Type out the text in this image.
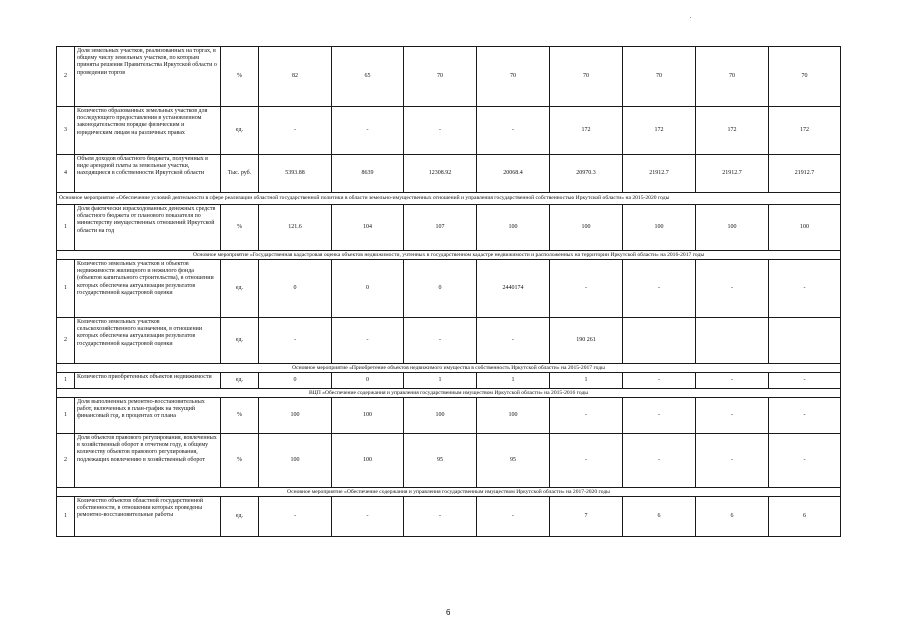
2	Доля земельных участков, реализованных на торгах, в общему числу земельных участков, по которым приняты решения Правительства Иркутской области о проведении торгов	%	82	65	70	70	70	70	70	70
3	Количество образованных земельных участков для последующего предоставления в установленном законодательством порядке физическим и юридическим лицам на различных правах	ед.	-	-	-	-	172	172	172	172
4	Объем доходов областного бюджета, полученных в виде арендной платы за земельные участки, находящиеся в собственности Иркутской области	Тыс. руб.	5393.88	8639	12308.92	20068.4	20970.3	21912.7	21912.7	21912.7
Основное мероприятие «Обеспечение условий деятельности в сфере реализации областной государственной политики в области земельно-имущественных отношений и управления государственной собственностью Иркутской области» на 2015-2020 годы										
1	Доля фактически израсходованных денежных средств областного бюджета от планового показателя по министерству имущественных отношений Иркутской области на год	%	121.6	104	107	100	100	100	100	100
Основное мероприятие «Государственная кадастровая оценка объектов недвижимости, учтенных в государственном кадастре недвижимости и расположенных на территории Иркутской области» на 2016-2017 годы										
1	Количество земельных участков и объектов недвижимости жилищного и нежилого фонда (объектов капитального строительства), в отношении которых обеспечена актуализация результатов государственной кадастровой оценки	ед.	0	0	0	2440174	-	-	-	-
2	Количество земельных участков сельскохозяйственного назначения, в отношении которых обеспечена актуализация результатов государственной кадастровой оценки	ед.	-	-	-	-	190 261			
Основное мероприятие «Приобретение объектов недвижимого имущества в собственность Иркутской области» на 2015-2017 годы										
1	Количество приобретенных объектов недвижимости	ед.	0	0	1	1	1	-	-	-
ВЦП «Обеспечение содержания и управления государственным имуществом Иркутской области» на 2015-2016 годы										
1	Доля выполненных ремонтно-восстановительных работ, включенных в план-график на текущий финансовый год, в процентах от плана	%	100	100	100	100	-	-	-	-
2	Доля объектов правового регулирования, вовлеченных в хозяйственный оборот в отчетном году, к общему количеству объектов правового регулирования, подлежащих вовлечению в хозяйственный оборот	%	100	100	95	95	-	-	-	-
Основное мероприятие «Обеспечение содержания и управления государственным имуществом Иркутской области» на 2017-2020 годы										
1	Количество объектов областной государственной собственности, в отношении которых проведены ремонтно-восстановительные работы	ед.	-	-	-	-	7	6	6	6
6
